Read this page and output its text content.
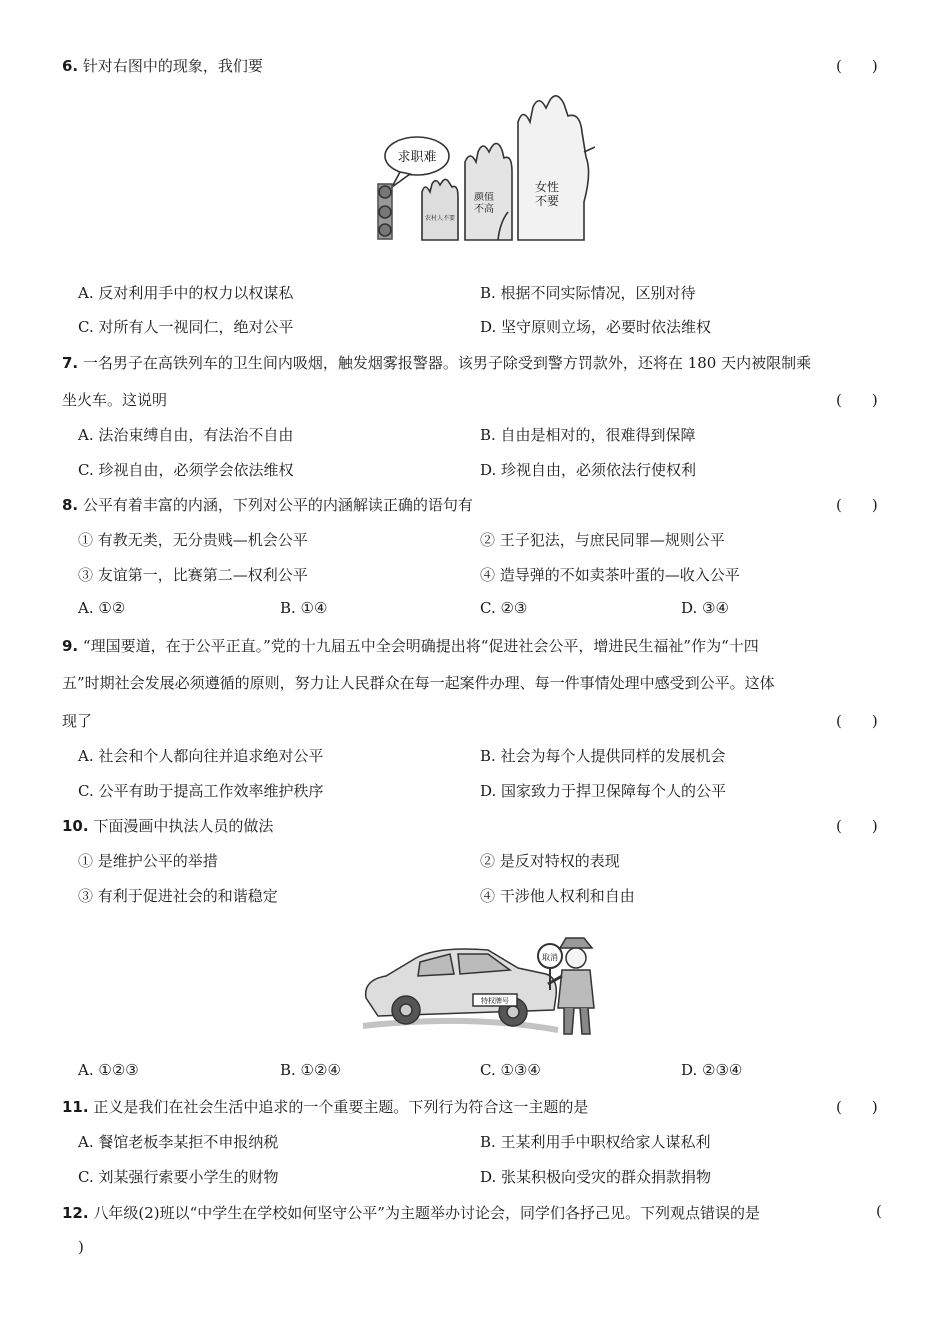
6. 针对右图中的现象，我们要	(　　)
求职难
农村人不要
颜值不高
女性不要
A. 反对利用手中的权力以权谋私	B. 根据不同实际情况，区别对待
C. 对所有人一视同仁，绝对公平	D. 坚守原则立场，必要时依法维权
7. 一名男子在高铁列车的卫生间内吸烟，触发烟雾报警器。该男子除受到警方罚款外，还将在 180 天内被限制乘
坐火车。这说明	(　　)
A. 法治束缚自由，有法治不自由	B. 自由是相对的，很难得到保障
C. 珍视自由，必须学会依法维权	D. 珍视自由，必须依法行使权利
8. 公平有着丰富的内涵，下列对公平的内涵解读正确的语句有	(　　)
① 有教无类，无分贵贱—机会公平	② 王子犯法，与庶民同罪—规则公平
③ 友谊第一，比赛第二—权利公平	④ 造导弹的不如卖茶叶蛋的—收入公平
A. ①②	B. ①④	C. ②③	D. ③④
9. “理国要道，在于公平正直。”党的十九届五中全会明确提出将“促进社会公平，增进民生福祉”作为“十四
五”时期社会发展必须遵循的原则，努力让人民群众在每一起案件办理、每一件事情处理中感受到公平。这体
现了	(　　)
A. 社会和个人都向往并追求绝对公平	B. 社会为每个人提供同样的发展机会
C. 公平有助于提高工作效率维护秩序	D. 国家致力于捍卫保障每个人的公平
10. 下面漫画中执法人员的做法	(　　)
① 是维护公平的举措	② 是反对特权的表现
③ 有利于促进社会的和谐稳定	④ 干涉他人权利和自由
取消
特权牌号
A. ①②③	B. ①②④	C. ①③④	D. ②③④
11. 正义是我们在社会生活中追求的一个重要主题。下列行为符合这一主题的是	(　　)
A. 餐馆老板李某拒不申报纳税	B. 王某利用手中职权给家人谋私利
C. 刘某强行索要小学生的财物	D. 张某积极向受灾的群众捐款捐物
12. 八年级(2)班以“中学生在学校如何坚守公平”为主题举办讨论会，同学们各抒己见。下列观点错误的是	(
)
